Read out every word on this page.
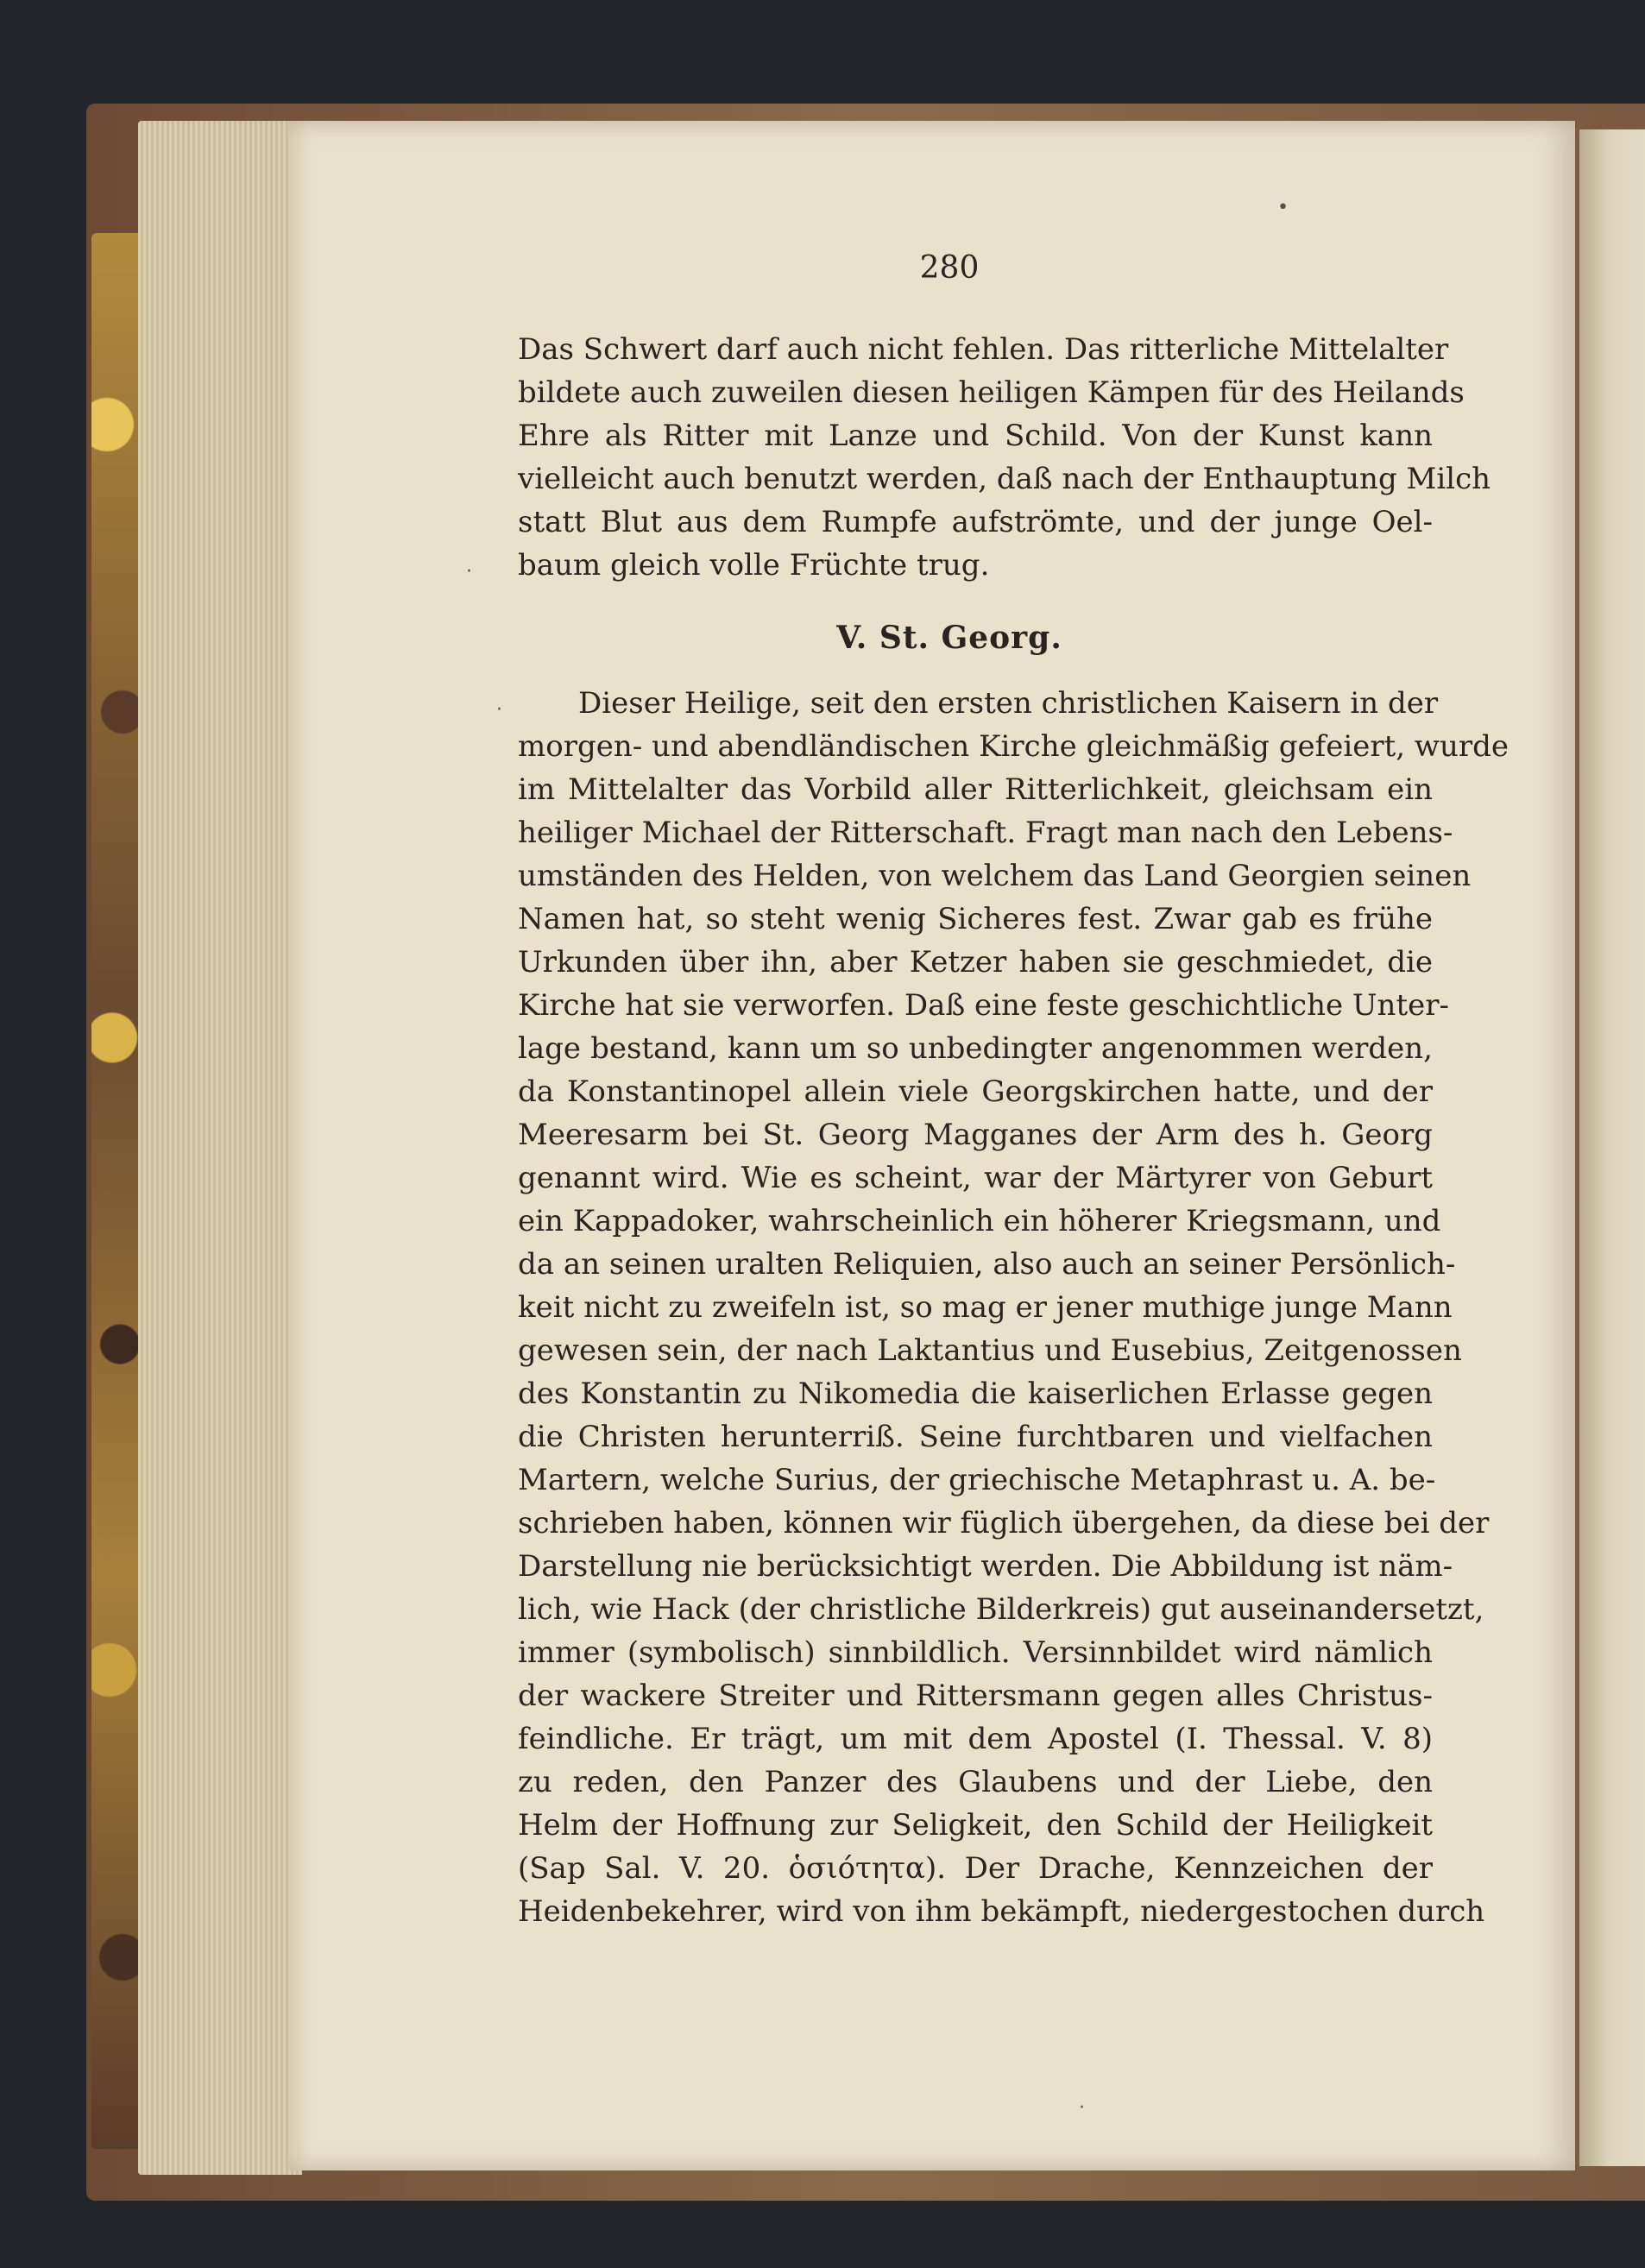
280
Das Schwert darf auch nicht fehlen. Das ritterliche Mittelalter
bildete auch zuweilen diesen heiligen Kämpen für des Heilands
Ehre als Ritter mit Lanze und Schild. Von der Kunst kann
vielleicht auch benutzt werden, daß nach der Enthauptung Milch
statt Blut aus dem Rumpfe aufströmte, und der junge Oel-
baum gleich volle Früchte trug.
V. St. Georg.
Dieser Heilige, seit den ersten christlichen Kaisern in der
morgen- und abendländischen Kirche gleichmäßig gefeiert, wurde
im Mittelalter das Vorbild aller Ritterlichkeit, gleichsam ein
heiliger Michael der Ritterschaft. Fragt man nach den Lebens-
umständen des Helden, von welchem das Land Georgien seinen
Namen hat, so steht wenig Sicheres fest. Zwar gab es frühe
Urkunden über ihn, aber Ketzer haben sie geschmiedet, die
Kirche hat sie verworfen. Daß eine feste geschichtliche Unter-
lage bestand, kann um so unbedingter angenommen werden,
da Konstantinopel allein viele Georgskirchen hatte, und der
Meeresarm bei St. Georg Magganes der Arm des h. Georg
genannt wird. Wie es scheint, war der Märtyrer von Geburt
ein Kappadoker, wahrscheinlich ein höherer Kriegsmann, und
da an seinen uralten Reliquien, also auch an seiner Persönlich-
keit nicht zu zweifeln ist, so mag er jener muthige junge Mann
gewesen sein, der nach Laktantius und Eusebius, Zeitgenossen
des Konstantin zu Nikomedia die kaiserlichen Erlasse gegen
die Christen herunterriß. Seine furchtbaren und vielfachen
Martern, welche Surius, der griechische Metaphrast u. A. be-
schrieben haben, können wir füglich übergehen, da diese bei der
Darstellung nie berücksichtigt werden. Die Abbildung ist näm-
lich, wie Hack (der christliche Bilderkreis) gut auseinandersetzt,
immer (symbolisch) sinnbildlich. Versinnbildet wird nämlich
der wackere Streiter und Rittersmann gegen alles Christus-
feindliche. Er trägt, um mit dem Apostel (I. Thessal. V. 8)
zu reden, den Panzer des Glaubens und der Liebe, den
Helm der Hoffnung zur Seligkeit, den Schild der Heiligkeit
(Sap Sal. V. 20. ὁσιότητα). Der Drache, Kennzeichen der
Heidenbekehrer, wird von ihm bekämpft, niedergestochen durch
•
·
·
·
